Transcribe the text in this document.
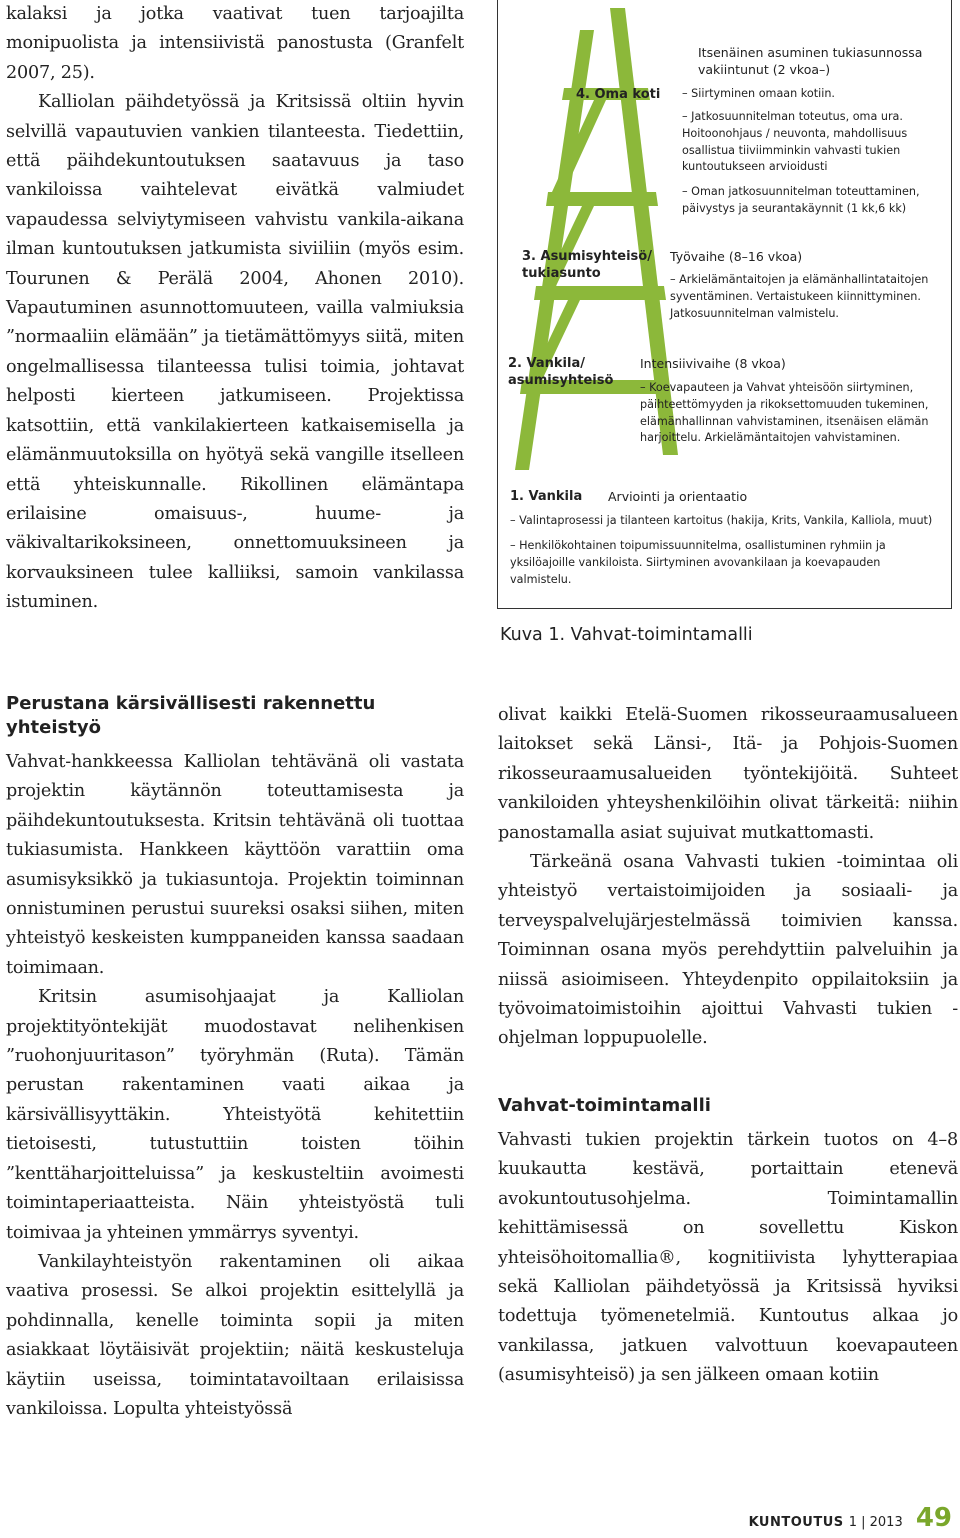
kalaksi ja jotka vaativat tuen tarjoajilta monipuolista ja intensiivistä panostusta (Granfelt 2007, 25).

Kalliolan päihdetyössä ja Kritsissä oltiin hyvin selvillä vapautuvien vankien tilanteesta. Tiedettiin, että päihdekuntoutuksen saatavuus ja taso vankiloissa vaihtelevat eivätkä valmiudet vapaudessa selviytymiseen vahvistu vankila-aikana ilman kuntoutuksen jatkumista siviiliin (myös esim. Tourunen & Perälä 2004, Ahonen 2010). Vapautuminen asunnottomuuteen, vailla valmiuksia ”normaaliin elämään” ja tietämättömyys siitä, miten ongelmallisessa tilanteessa tulisi toimia, johtavat helposti kierteen jatkumiseen. Projektissa katsottiin, että vankilakierteen katkaisemisella ja elämänmuutoksilla on hyötyä sekä vangille itselleen että yhteiskunnalle. Rikollinen elämäntapa erilaisine omaisuus-, huume- ja väkivaltarikoksineen, onnettomuuksineen ja korvauksineen tulee kalliiksi, samoin vankilassa istuminen.

4. Oma koti
Itsenäinen asuminen tukiasunnossa vakiintunut (2 vkoa–)
– Siirtyminen omaan kotiin.
– Jatkosuunnitelman toteutus, oma ura. Hoitoonohjaus / neuvonta, mahdollisuus osallistua tiiviimminkin vahvasti tukien kuntoutukseen arvioidusti
– Oman jatkosuunnitelman toteuttaminen, päivystys ja seurantakäynnit (1 kk,6 kk)
3. Asumisyhteisö/ tukiasunto
Työvaihe (8–16 vkoa)
– Arkielämäntaitojen ja elämänhallintataitojen syventäminen. Vertaistukeen kiinnittyminen. Jatkosuunnitelman valmistelu.
2. Vankila/ asumisyhteisö
Intensiivivaihe (8 vkoa)
– Koevapauteen ja Vahvat yhteisöön siirtyminen, päihteettömyyden ja rikoksettomuuden tukeminen, elämänhallinnan vahvistaminen, itsenäisen elämän harjoittelu. Arkielämäntaitojen vahvistaminen.
1. Vankila Arviointi ja orientaatio
– Valintaprosessi ja tilanteen kartoitus (hakija, Krits, Vankila, Kalliola, muut)
– Henkilökohtainen toipumissuunnitelma, osallistuminen ryhmiin ja yksilöajoille vankiloista. Siirtyminen avovankilaan ja koevapauden valmistelu.
Kuva 1. Vahvat-toimintamalli
Perustana kärsivällisesti rakennettu yhteistyö

Vahvat-hankkeessa Kalliolan tehtävänä oli vastata projektin käytännön toteuttamisesta ja päihdekuntoutuksesta. Kritsin tehtävänä oli tuottaa tukiasumista. Hankkeen käyttöön varattiin oma asumisyksikkö ja tukiasuntoja. Projektin toiminnan onnistuminen perustui suureksi osaksi siihen, miten yhteistyö keskeisten kumppaneiden kanssa saadaan toimimaan.

Kritsin asumisohjaajat ja Kalliolan projektityöntekijät muodostavat nelihenkisen ”ruohonjuuritason” työryhmän (Ruta). Tämän perustan rakentaminen vaati aikaa ja kärsivällisyyttäkin. Yhteistyötä kehitettiin tietoisesti, tutustuttiin toisten töihin ”kenttäharjoitteluissa” ja keskusteltiin avoimesti toimintaperiaatteista. Näin yhteistyöstä tuli toimivaa ja yhteinen ymmärrys syventyi.

Vankilayhteistyön rakentaminen oli aikaa vaativa prosessi. Se alkoi projektin esittelyllä ja pohdinnalla, kenelle toiminta sopii ja miten asiakkaat löytäisivät projektiin; näitä keskusteluja käytiin useissa, toimintatavoiltaan erilaisissa vankiloissa. Lopulta yhteistyössä

olivat kaikki Etelä-Suomen rikosseuraamusalueen laitokset sekä Länsi-, Itä- ja Pohjois-Suomen rikosseuraamusalueiden työntekijöitä. Suhteet vankiloiden yhteyshenkilöihin olivat tärkeitä: niihin panostamalla asiat sujuivat mutkattomasti.

Tärkeänä osana Vahvasti tukien -toimintaa oli yhteistyö vertaistoimijoiden ja sosiaali- ja terveyspalvelujärjestelmässä toimivien kanssa. Toiminnan osana myös perehdyttiin palveluihin ja niissä asioimiseen. Yhteydenpito oppilaitoksiin ja työvoimatoimistoihin ajoittui Vahvasti tukien -ohjelman loppupuolelle.

Vahvat-toimintamalli

Vahvasti tukien projektin tärkein tuotos on 4–8 kuukautta kestävä, portaittain etenevä avokuntoutusohjelma. Toimintamallin kehittämisessä on sovellettu Kiskon yhteisöhoitomallia®, kognitiivista lyhytterapiaa sekä Kalliolan päihdetyössä ja Kritsissä hyviksi todettuja työmenetelmiä. Kuntoutus alkaa jo vankilassa, jatkuen valvottuun koevapauteen (asumisyhteisö) ja sen jälkeen omaan kotiin

KUNTOUTUS 1 | 2013 49
